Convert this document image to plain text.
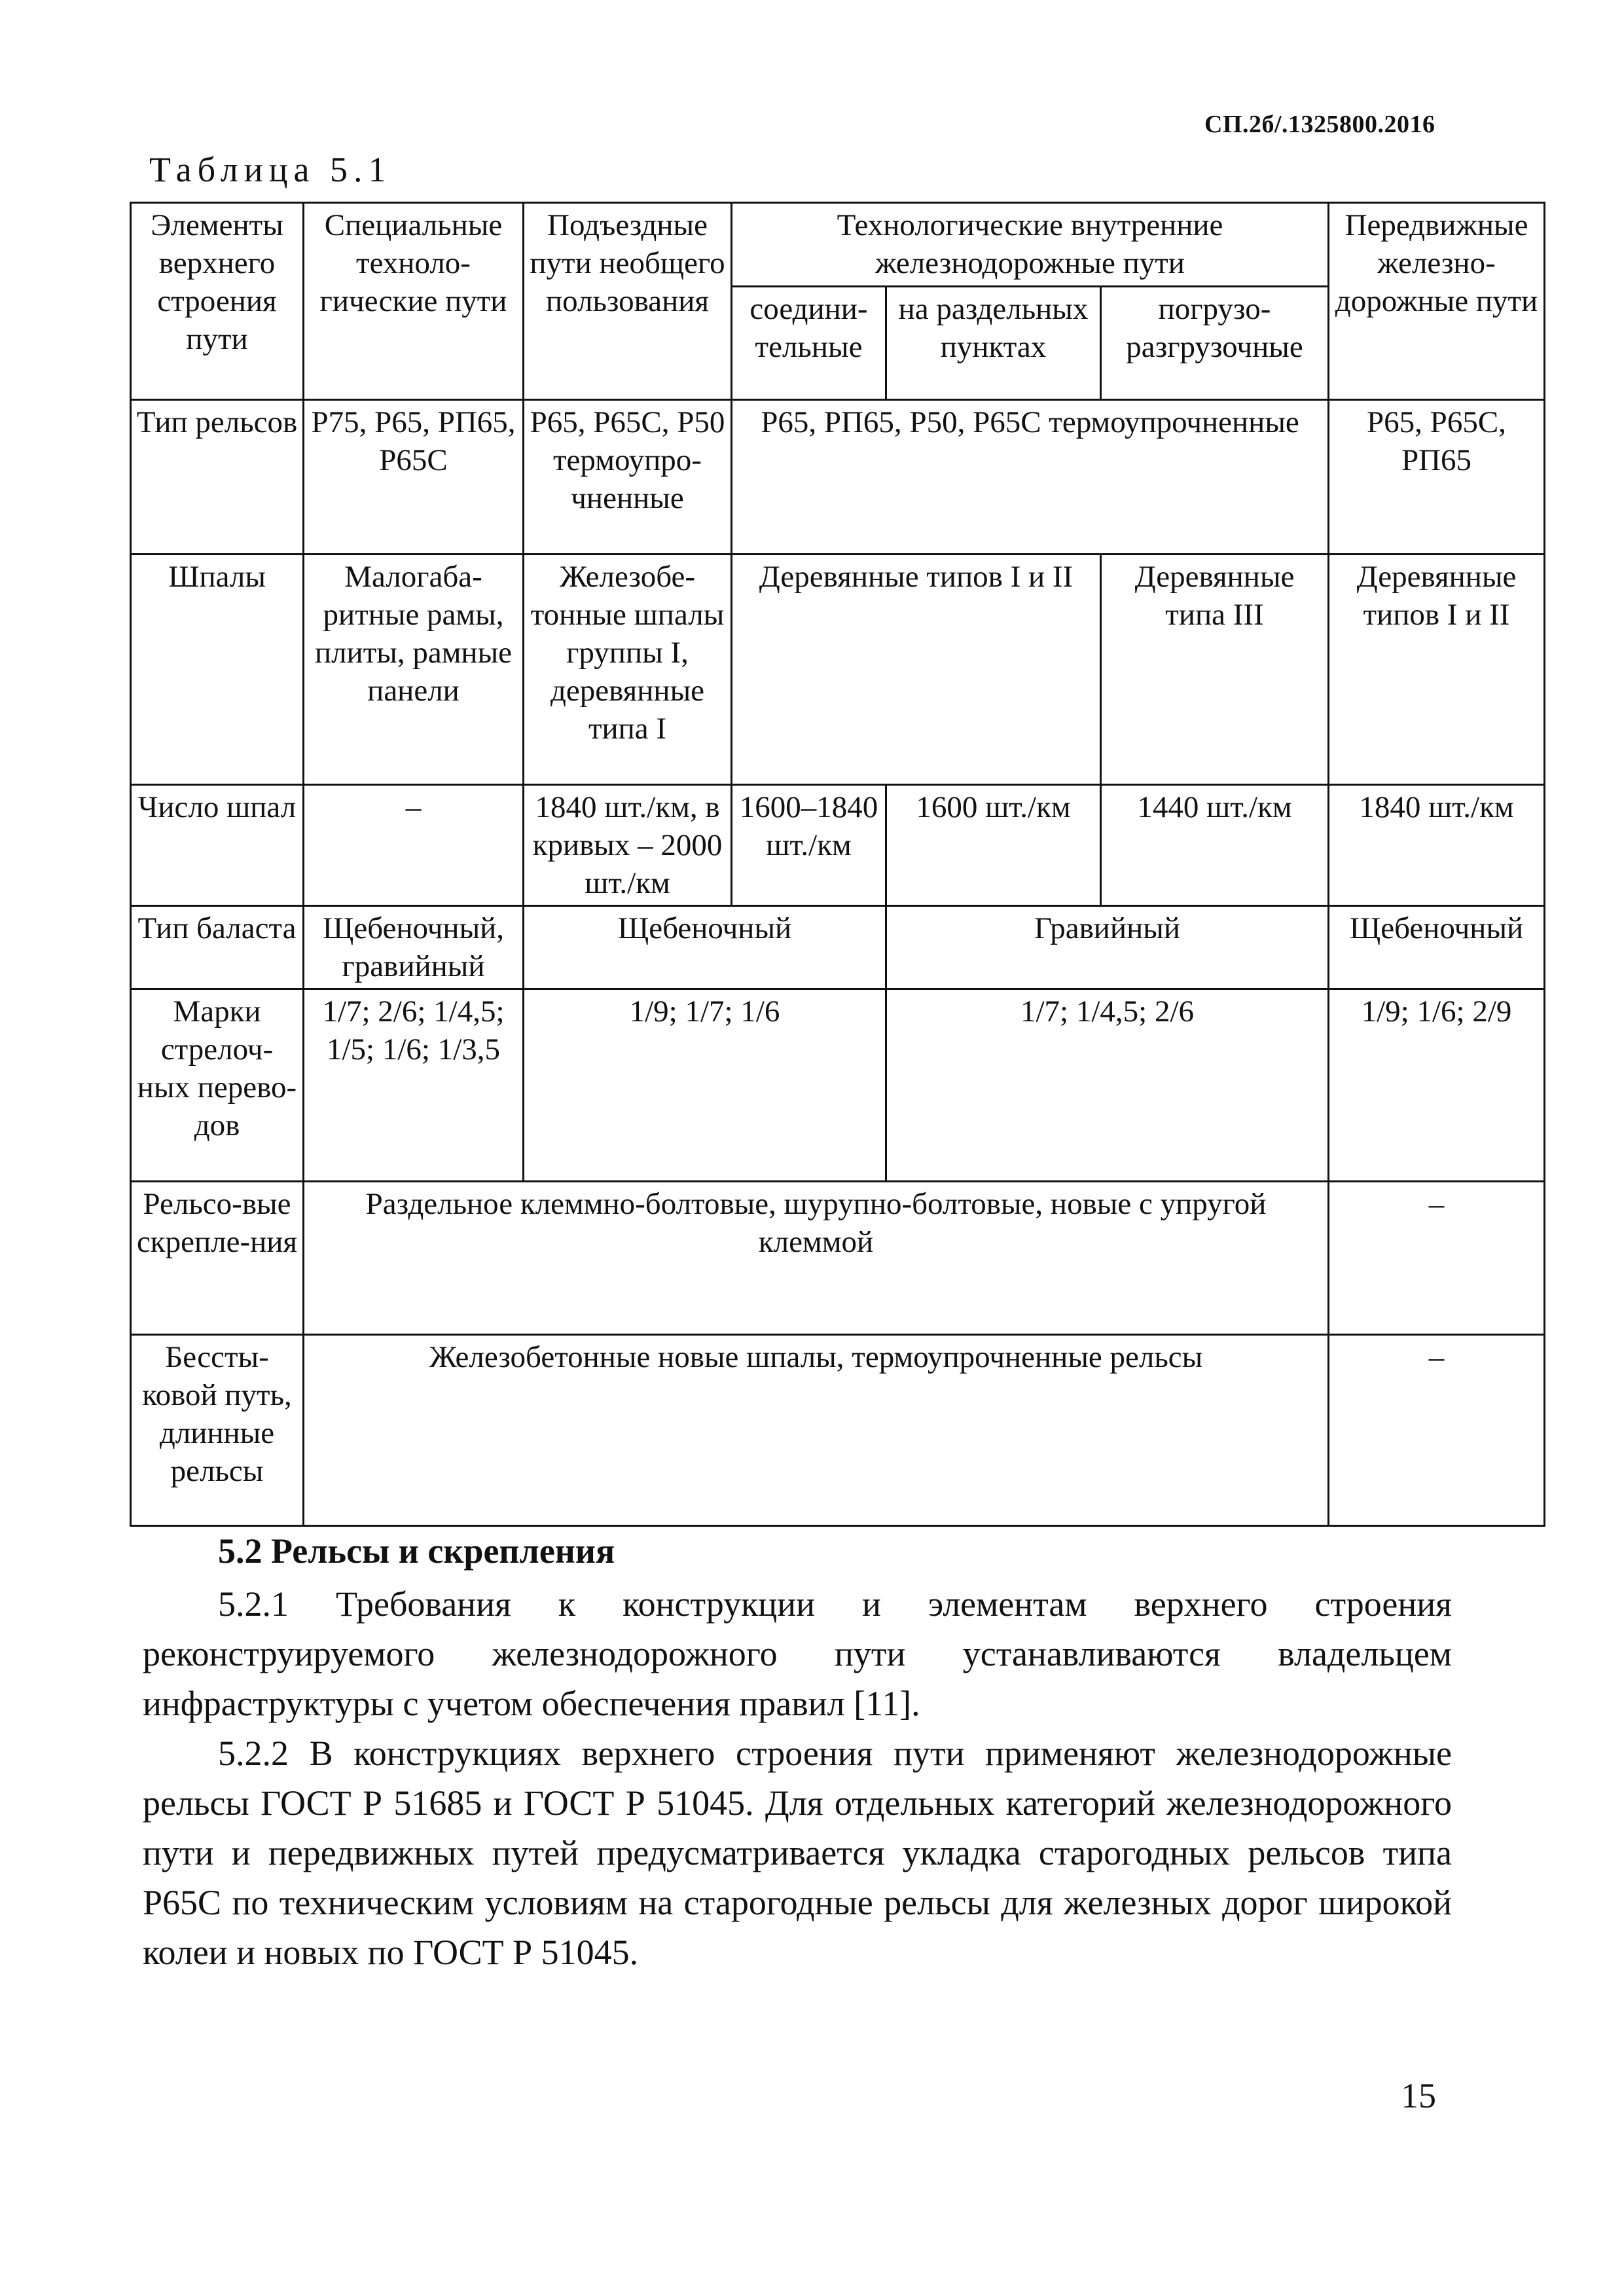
СП.2б/.1325800.2016
Таблица 5.1
Элементы верхнего строения пути	Специальные техноло-гические пути	Подъездные пути необщего пользования	Технологические внутренние железнодорожные пути			Передвижные железно-дорожные пути
			соедини-тельные	на раздельных пунктах	погрузо-разгрузочные	
Тип рельсов	Р75, Р65, РП65, Р65С	Р65, Р65С, Р50 термоупро-чненные	Р65, РП65, Р50, Р65С термоупрочненные			Р65, Р65С, РП65
Шпалы	Малогаба-ритные рамы, плиты, рамные панели	Железобе-тонные шпалы группы I, деревянные типа I	Деревянные типов I и II		Деревянные типа III	Деревянные типов I и II
Число шпал	–	1840 шт./км, в кривых – 2000 шт./км	1600–1840 шт./км	1600 шт./км	1440 шт./км	1840 шт./км
Тип баласта	Щебеночный, гравийный	Щебеночный		Гравийный		Щебеночный
Марки стрелоч-ных перево-дов	1/7; 2/6; 1/4,5; 1/5; 1/6; 1/3,5	1/9; 1/7; 1/6		1/7; 1/4,5; 2/6		1/9; 1/6; 2/9
Рельсо-вые скрепле-ния	Раздельное клеммно-болтовые, шурупно-болтовые, новые с упругой клеммой					–
Бессты-ковой путь, длинные рельсы	Железобетонные новые шпалы, термоупрочненные рельсы					–
5.2 Рельсы и скрепления

5.2.1 Требования к конструкции и элементам верхнего строения реконструируемого железнодорожного пути устанавливаются владельцем инфраструктуры с учетом обеспечения правил [11].

5.2.2 В конструкциях верхнего строения пути применяют железнодорожные рельсы ГОСТ Р 51685 и ГОСТ Р 51045. Для отдельных категорий железнодорожного пути и передвижных путей предусматривается укладка старогодных рельсов типа Р65С по техническим условиям на старогодные рельсы для железных дорог широкой колеи и новых по ГОСТ Р 51045.

15
